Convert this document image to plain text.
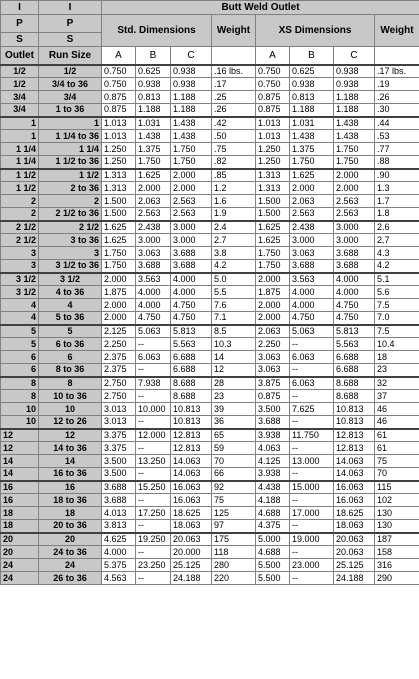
I	I	Butt Weld Outlet							
P	P	Std. Dimensions			Weight	XS Dimensions			Weight
S	S								
Outlet	Run Size	A	B	C		A	B	C	
1/2	1/2	0.750	0.625	0.938	.16 lbs.	0.750	0.625	0.938	.17 lbs.
1/2	3/4 to 36	0.750	0.938	0.938	.17	0.750	0.938	0.938	.19
3/4	3/4	0.875	0.813	1.188	.25	0.875	0.813	1.188	.26
3/4	1 to 36	0.875	1.188	1.188	.26	0.875	1.188	1.188	.30
1	1	1.013	1.031	1.438	.42	1.013	1.031	1.438	.44
1	1 1/4 to 36	1.013	1.438	1.438	.50	1.013	1.438	1.438	.53
1 1/4	1 1/4	1.250	1.375	1.750	.75	1.250	1.375	1.750	.77
1 1/4	1 1/2 to 36	1.250	1.750	1.750	.82	1.250	1.750	1.750	.88
1 1/2	1 1/2	1.313	1.625	2.000	.85	1.313	1.625	2.000	.90
1 1/2	2 to 36	1.313	2.000	2.000	1.2	1.313	2.000	2.000	1.3
2	2	1.500	2.063	2.563	1.6	1.500	2.063	2.563	1.7
2	2 1/2 to 36	1.500	2.563	2.563	1.9	1.500	2.563	2.563	1.8
2 1/2	2 1/2	1.625	2.438	3.000	2.4	1.625	2.438	3.000	2.6
2 1/2	3 to 36	1.625	3.000	3.000	2.7	1.625	3.000	3.000	2.7
3	3	1.750	3.063	3.688	3.8	1.750	3.063	3.688	4.3
3	3 1/2 to 36	1.750	3.688	3.688	4.2	1.750	3.688	3.688	4.2
3 1/2	3 1/2	2.000	3.563	4.000	5.0	2.000	3.563	4.000	5.1
3 1/2	4 to 36	1.875	4.000	4.000	5.5	1.875	4.000	4.000	5.6
4	4	2.000	4.000	4.750	7.6	2.000	4.000	4.750	7.5
4	5 to 36	2.000	4.750	4.750	7.1	2.000	4.750	4.750	7.0
5	5	2.125	5.063	5.813	8.5	2.063	5.063	5.813	7.5
5	6 to 36	2.250	--	5.563	10.3	2.250	--	5.563	10.4
6	6	2.375	6.063	6.688	14	3.063	6.063	6.688	18
6	8 to 36	2.375	--	6.688	12	3.063	--	6.688	23
8	8	2.750	7.938	8.688	28	3.875	6.063	8.688	32
8	10 to 36	2.750	--	8.688	23	0.875	--	8.688	37
10	10	3.013	10.000	10.813	39	3.500	7.625	10.813	46
10	12 to 26	3.013	--	10.813	36	3.688	--	10.813	46
12	12	3.375	12.000	12.813	65	3.938	11.750	12.813	61
12	14 to 36	3.375	--	12.813	59	4.063	--	12.813	61
14	14	3.500	13.250	14.063	70	4.125	13.000	14.063	75
14	16 to 36	3.500	--	14.063	66	3.938	--	14.063	70
16	16	3.688	15.250	16.063	92	4.438	15.000	16.063	115
16	18 to 36	3.688	--	16.063	75	4.188	--	16.063	102
18	18	4.013	17.250	18.625	125	4.688	17.000	18.625	130
18	20 to 36	3.813	--	18.063	97	4.375	--	18.063	130
20	20	4.625	19.250	20.063	175	5.000	19.000	20.063	187
20	24 to 36	4.000	--	20.000	118	4.688	--	20.063	158
24	24	5.375	23.250	25.125	280	5.500	23.000	25.125	316
24	26 to 36	4.563	--	24.188	220	5.500	--	24.188	290
